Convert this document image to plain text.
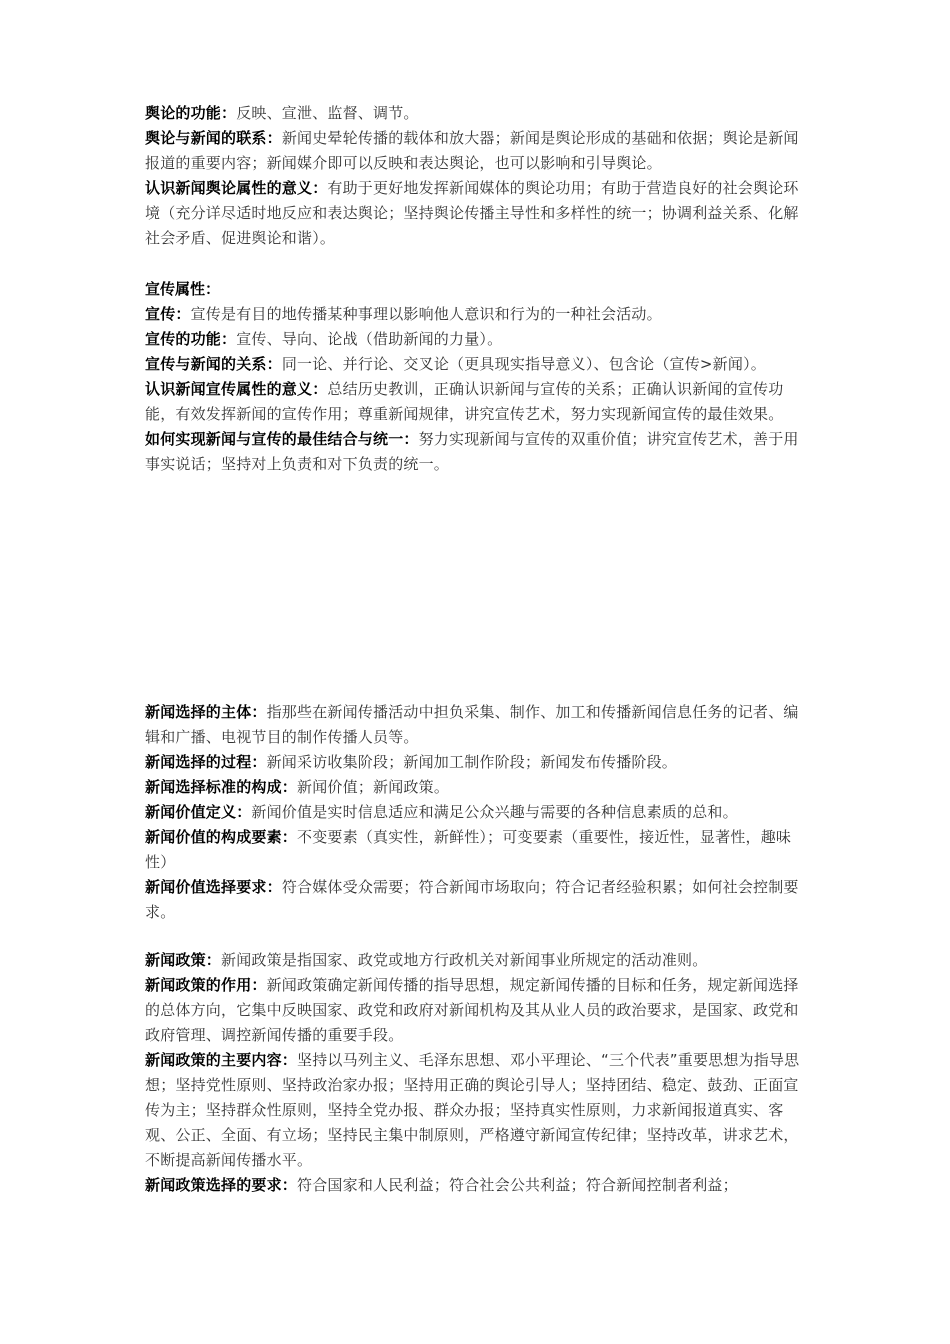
舆论的功能：反映、宣泄、监督、调节。

舆论与新闻的联系：新闻史晕轮传播的载体和放大器；新闻是舆论形成的基础和依据；舆论是新闻报道的重要内容；新闻媒介即可以反映和表达舆论，也可以影响和引导舆论。

认识新闻舆论属性的意义：有助于更好地发挥新闻媒体的舆论功用；有助于营造良好的社会舆论环境（充分详尽适时地反应和表达舆论；坚持舆论传播主导性和多样性的统一；协调利益关系、化解社会矛盾、促进舆论和谐）。

宣传属性：

宣传：宣传是有目的地传播某种事理以影响他人意识和行为的一种社会活动。

宣传的功能：宣传、导向、论战（借助新闻的力量）。

宣传与新闻的关系：同一论、并行论、交叉论（更具现实指导意义）、包含论（宣传>新闻）。

认识新闻宣传属性的意义：总结历史教训，正确认识新闻与宣传的关系；正确认识新闻的宣传功能，有效发挥新闻的宣传作用；尊重新闻规律，讲究宣传艺术，努力实现新闻宣传的最佳效果。

如何实现新闻与宣传的最佳结合与统一：努力实现新闻与宣传的双重价值；讲究宣传艺术，善于用事实说话；坚持对上负责和对下负责的统一。

新闻选择的主体：指那些在新闻传播活动中担负采集、制作、加工和传播新闻信息任务的记者、编辑和广播、电视节目的制作传播人员等。

新闻选择的过程：新闻采访收集阶段；新闻加工制作阶段；新闻发布传播阶段。

新闻选择标准的构成：新闻价值；新闻政策。

新闻价值定义：新闻价值是实时信息适应和满足公众兴趣与需要的各种信息素质的总和。

新闻价值的构成要素：不变要素（真实性，新鲜性）；可变要素（重要性，接近性，显著性，趣味性）

新闻价值选择要求：符合媒体受众需要；符合新闻市场取向；符合记者经验积累；如何社会控制要求。

新闻政策：新闻政策是指国家、政党或地方行政机关对新闻事业所规定的活动准则。

新闻政策的作用：新闻政策确定新闻传播的指导思想，规定新闻传播的目标和任务，规定新闻选择的总体方向，它集中反映国家、政党和政府对新闻机构及其从业人员的政治要求，是国家、政党和政府管理、调控新闻传播的重要手段。

新闻政策的主要内容：坚持以马列主义、毛泽东思想、邓小平理论、“三个代表”重要思想为指导思想；坚持党性原则、坚持政治家办报；坚持用正确的舆论引导人；坚持团结、稳定、鼓劲、正面宣传为主；坚持群众性原则，坚持全党办报、群众办报；坚持真实性原则，力求新闻报道真实、客观、公正、全面、有立场；坚持民主集中制原则，严格遵守新闻宣传纪律；坚持改革，讲求艺术，不断提高新闻传播水平。

新闻政策选择的要求：符合国家和人民利益；符合社会公共利益；符合新闻控制者利益；
